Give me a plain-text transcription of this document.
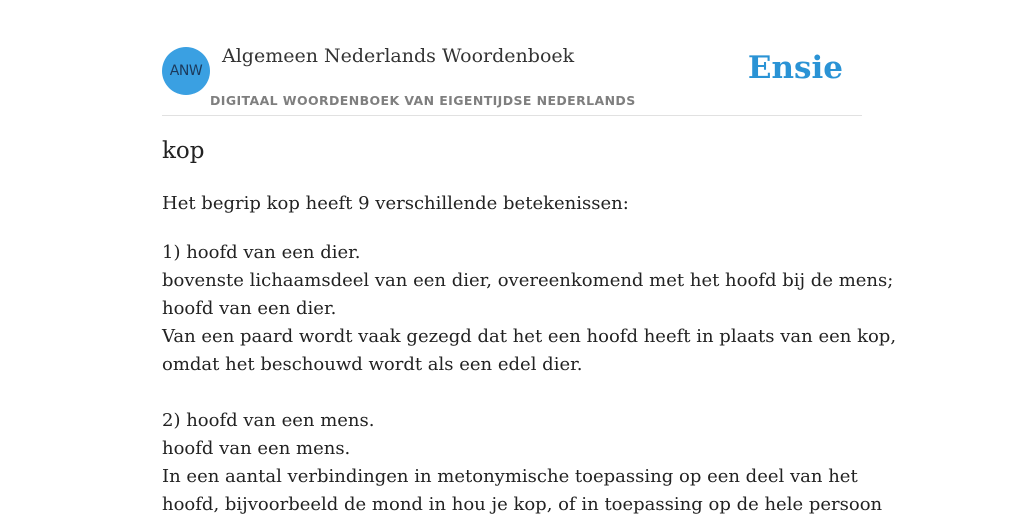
ANW
Algemeen Nederlands Woordenboek
DIGITAAL WOORDENBOEK VAN EIGENTIJDSE NEDERLANDS
Ensie
kop
Het begrip kop heeft 9 verschillende betekenissen:
1) hoofd van een dier.
bovenste lichaamsdeel van een dier, overeenkomend met het hoofd bij de mens;
hoofd van een dier.
Van een paard wordt vaak gezegd dat het een hoofd heeft in plaats van een kop,
omdat het beschouwd wordt als een edel dier.
2) hoofd van een mens.
hoofd van een mens.
In een aantal verbindingen in metonymische toepassing op een deel van het
hoofd, bijvoorbeeld de mond in hou je kop, of in toepassing op de hele persoon
